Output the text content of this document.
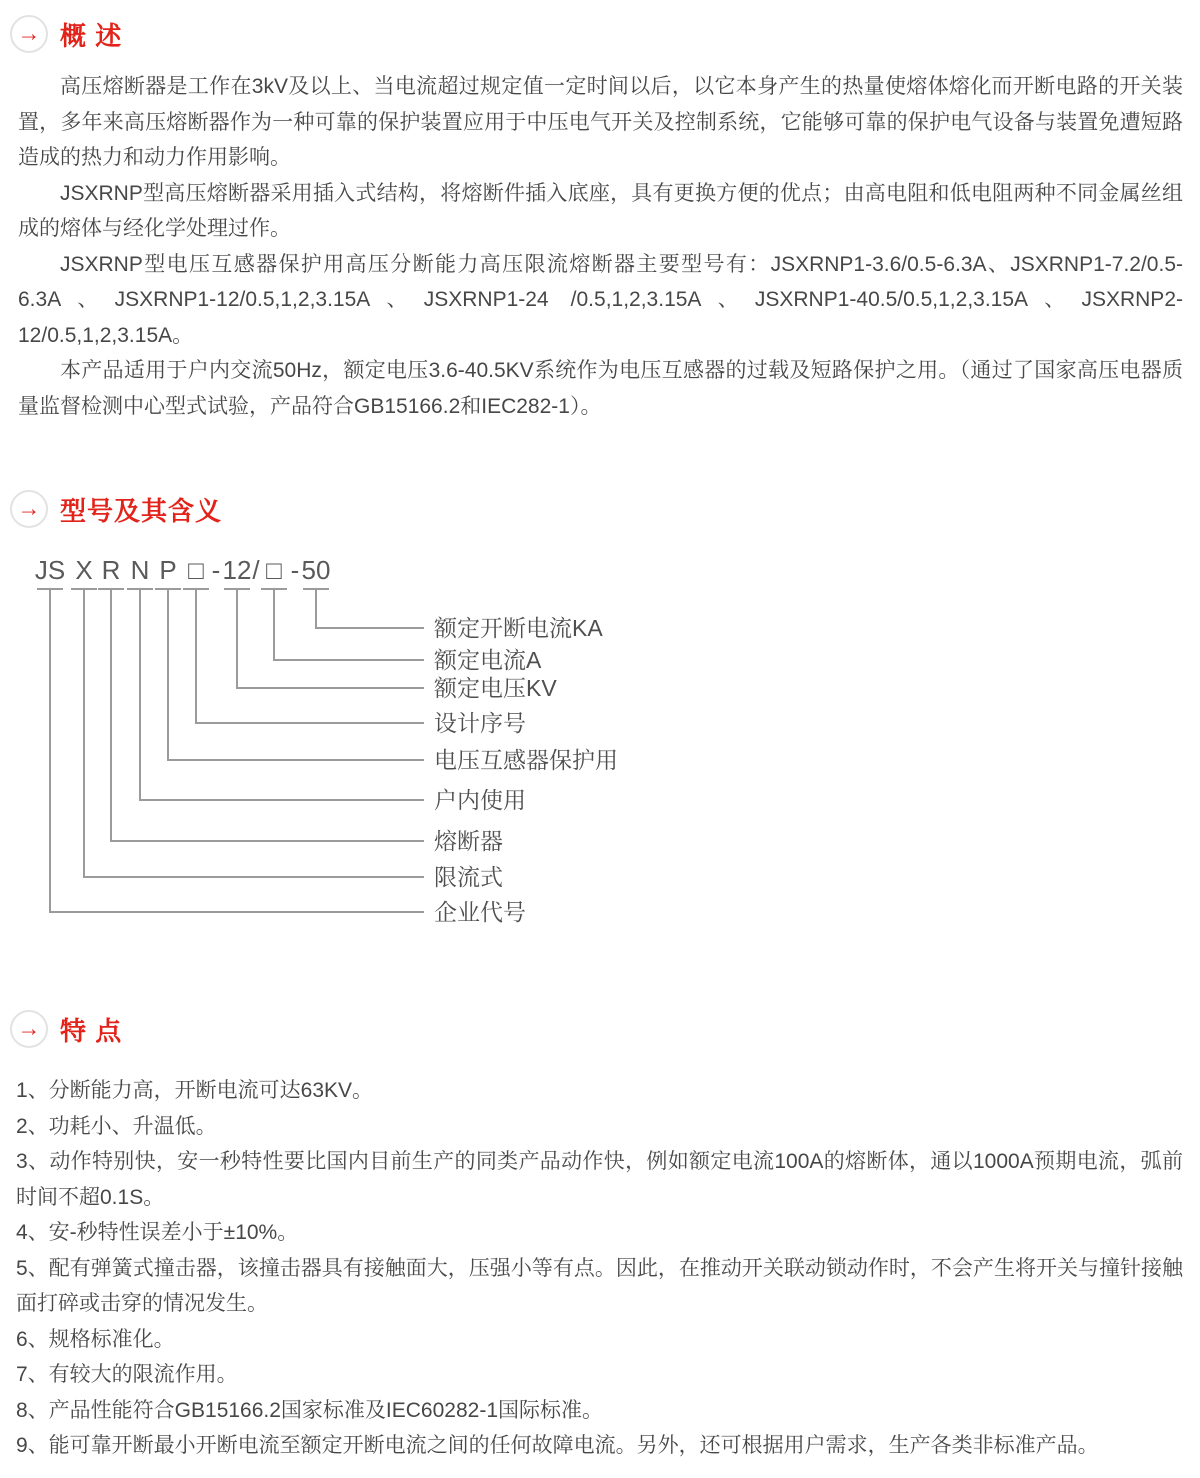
→ 概 述

高压熔断器是工作在3kV及以上、当电流超过规定值一定时间以后，以它本身产生的热量使熔体熔化而开断电路的开关装置，多年来高压熔断器作为一种可靠的保护装置应用于中压电气开关及控制系统，它能够可靠的保护电气设备与装置免遭短路造成的热力和动力作用影响。

JSXRNP型高压熔断器采用插入式结构，将熔断件插入底座，具有更换方便的优点；由高电阻和低电阻两种不同金属丝组成的熔体与经化学处理过作。

JSXRNP型电压互感器保护用高压分断能力高压限流熔断器主要型号有：JSXRNP1-3.6/0.5-6.3A、JSXRNP1-7.2/0.5-6.3A、JSXRNP1-12/0.5,1,2,3.15A、JSXRNP1-24 /0.5,1,2,3.15A、JSXRNP1-40.5/0.5,1,2,3.15A、JSXRNP2-12/0.5,1,2,3.15A。

本产品适用于户内交流50Hz，额定电压3.6-40.5KV系统作为电压互感器的过载及短路保护之用。（通过了国家高压电器质量监督检测中心型式试验，产品符合GB15166.2和IEC282-1）。

→ 型号及其含义
JS X R N P □ - 12 / □ - 50
额定开断电流KA
额定电流A
额定电压KV
设计序号
电压互感器保护用
户内使用
熔断器
限流式
企业代号
→ 特 点

1、分断能力高，开断电流可达63KV。

2、功耗小、升温低。

3、动作特别快，安一秒特性要比国内目前生产的同类产品动作快，例如额定电流100A的熔断体，通以1000A预期电流，弧前时间不超0.1S。

4、安-秒特性误差小于±10%。

5、配有弹簧式撞击器，该撞击器具有接触面大，压强小等有点。因此，在推动开关联动锁动作时，不会产生将开关与撞针接触面打碎或击穿的情况发生。

6、规格标准化。

7、有较大的限流作用。

8、产品性能符合GB15166.2国家标准及IEC60282-1国际标准。

9、能可靠开断最小开断电流至额定开断电流之间的任何故障电流。另外，还可根据用户需求，生产各类非标准产品。
